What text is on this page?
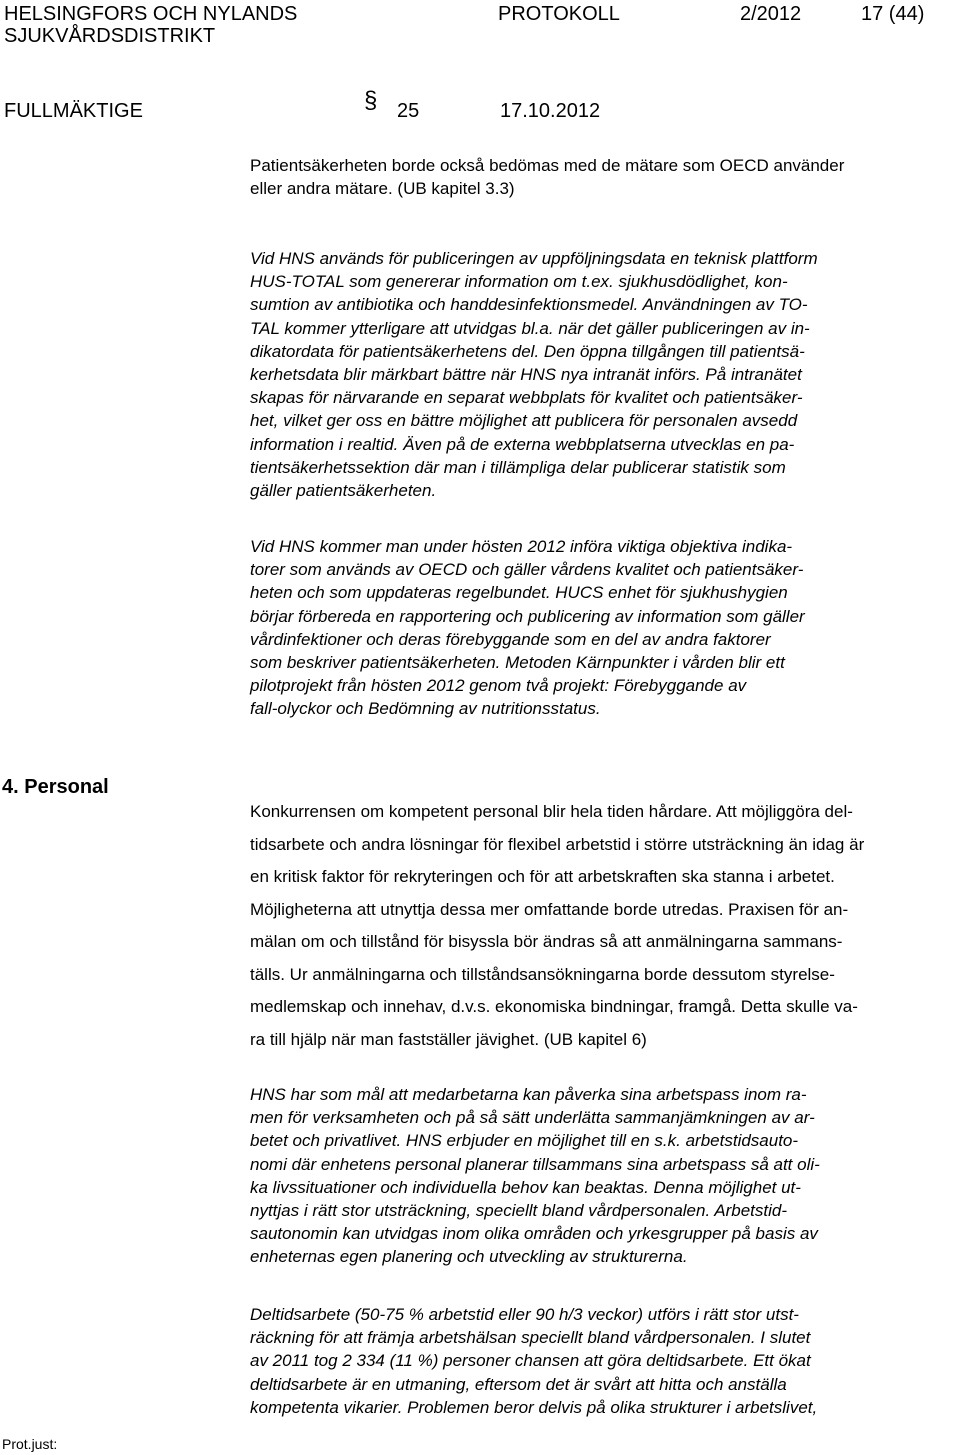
HELSINGFORS OCH NYLANDS
SJUKVÅRDSDISTRIKT
PROTOKOLL	2/2012	17 (44)
FULLMÄKTIGE	§ 25	17.10.2012

Patientsäkerheten borde också bedömas med de mätare som OECD använder
eller andra mätare. (UB kapitel 3.3)

Vid HNS används för publiceringen av uppföljningsdata en teknisk plattform
HUS-TOTAL som genererar information om t.ex. sjukhusdödlighet, kon-
sumtion av antibiotika och handdesinfektionsmedel. Användningen av TO-
TAL kommer ytterligare att utvidgas bl.a. när det gäller publiceringen av in-
dikatordata för patientsäkerhetens del. Den öppna tillgången till patientsä-
kerhetsdata blir märkbart bättre när HNS nya intranät införs. På intranätet
skapas för närvarande en separat webbplats för kvalitet och patientsäker-
het, vilket ger oss en bättre möjlighet att publicera för personalen avsedd
information i realtid. Även på de externa webbplatserna utvecklas en pa-
tientsäkerhetssektion där man i tillämpliga delar publicerar statistik som
gäller patientsäkerheten.

Vid HNS kommer man under hösten 2012 införa viktiga objektiva indika-
torer som används av OECD och gäller vårdens kvalitet och patientsäker-
heten och som uppdateras regelbundet. HUCS enhet för sjukhushygien
börjar förbereda en rapportering och publicering av information som gäller
vårdinfektioner och deras förebyggande som en del av andra faktorer
som beskriver patientsäkerheten. Metoden Kärnpunkter i vården blir ett
pilotprojekt från hösten 2012 genom två projekt: Förebyggande av
fall-olyckor och Bedömning av nutritionsstatus.

4. Personal

Konkurrensen om kompetent personal blir hela tiden hårdare. Att möjliggöra del-
tidsarbete och andra lösningar för flexibel arbetstid i större utsträckning än idag är
en kritisk faktor för rekryteringen och för att arbetskraften ska stanna i arbetet.
Möjligheterna att utnyttja dessa mer omfattande borde utredas. Praxisen för an-
mälan om och tillstånd för bisyssla bör ändras så att anmälningarna sammans-
tälls. Ur anmälningarna och tillståndsansökningarna borde dessutom styrelse-
medlemskap och innehav, d.v.s. ekonomiska bindningar, framgå. Detta skulle va-
ra till hjälp när man fastställer jävighet. (UB kapitel 6)

HNS har som mål att medarbetarna kan påverka sina arbetspass inom ra-
men för verksamheten och på så sätt underlätta sammanjämkningen av ar-
betet och privatlivet. HNS erbjuder en möjlighet till en s.k. arbetstidsauto-
nomi där enhetens personal planerar tillsammans sina arbetspass så att oli-
ka livssituationer och individuella behov kan beaktas. Denna möjlighet ut-
nyttjas i rätt stor utsträckning, speciellt bland vårdpersonalen. Arbetstid-
sautonomin kan utvidgas inom olika områden och yrkesgrupper på basis av
enheternas egen planering och utveckling av strukturerna.

Deltidsarbete (50-75 % arbetstid eller 90 h/3 veckor) utförs i rätt stor utst-
räckning för att främja arbetshälsan speciellt bland vårdpersonalen. I slutet
av 2011 tog 2 334 (11 %) personer chansen att göra deltidsarbete. Ett ökat
deltidsarbete är en utmaning, eftersom det är svårt att hitta och anställa
kompetenta vikarier. Problemen beror delvis på olika strukturer i arbetslivet,

Prot.just:
